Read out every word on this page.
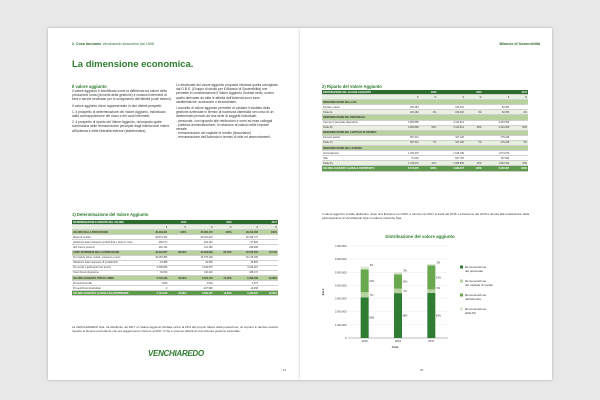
2. Cosa facciamo Vencharedo stracchino dal 1908
La dimensione economica.
Il valore aggiunto

Il valore aggiunto è identificato come la differenza tra valore della produzione lorda (proventi della gestione) e consumi intermedi di beni e servizi necessari per lo svolgimento dell'attività (costi esterni).

Il valore aggiunto viene rappresentato in due distinti prospetti:

1. il prospetto di determinazione del Valore Aggiunto, individuato dalla contrapposizione dei ricavi e dei costi intermedi;

2. il prospetto di riparto del Valore Aggiunto, ricomposto quale sommatoria delle remunerazioni percepite dagli interlocutori interni all'Azienda e delle liberalità esterne (stakeholders).

Lo strutturate del valore aggiunto proposta richiama quella consigliata dal G.B.S. (Gruppo di studio per il Bilancio di Sostenibilità) che permette in considerazione il Valore Aggiunto Globale netto, ovvero quello derivante da tutte le attività dell'Azienda sono esse caratteristiche, accessorie o straordinarie.

I concetto di valore aggiunto permette di valutare il risultato della gestione aziendale in termini di ricchezza distribuita nel corso di un determinato periodo ad una serie di soggetti individuati:

- personale, con riguardo alle retribuzioni e oneri ad esse collegati

- pubblica amministrazione, in relazione al calcolo delle imposte versate

- remunerazione del capitale di credito (finanziatori)

- remunerazione dell'Azienda in termini di utile ed ammortamenti.

1) Determinazione del Valore Aggiunto
DETERMINAZIONE E RIPARTO DEL VALORE	2015		2016		2017	
	€	%	€	%	€	%
VALORE DELLA PRODUZIONE	29.233.321	100%	25.066.170	100%	28.213.460	100%
Ricavi di vendita	28.874.164		25.331.215		26.446.772	
Variazione delle rimanenze prodotti finiti e lavori in corso	296.273		409.162		87.820	
Altri ricavi e proventi	262.114		131.159		229.489	
COSTI INTERMEDI DELLA PRODUZIONE	23.326.957	80,00%	20.228.998	80,70%	20.372.060	72,21%
Per materie prime, sussid., consumo e merci	20.283.383		16.775.148		16.718.186	
Variazione delle rimanenze di prodotti finiti	-34.388		39.654		45.853	
Per servizi e godimento beni di terzi	3.208.925		3.342.976		3.190.021	
Oneri diversi di gestione	34.813		146.220		338.174	
VALORE AGGIUNTO TIPICO LORDO	5.719.130	19,56%	5.404.179	21,55%	5.409.199	22,98%
Proventi finanziari	1.849		2.049		2.472	
Proventi/Oneri straordinari	0		-407.999		-12.998	
VALORE AGGIUNTO GLOBALE DA DISTRIBUIRE	5.721.979	19,56%	4.999.227	19,94%	5.420.097	22,99%
La VENCHIAREDO Spa, ha distribuito nel 2017 un Valore Aggiunto Globale vicino al 23% del proprio Valore della produzione, un importo in decisa crescita rispetto al biennio precedente che era leggermente inferiore al 20%. Il che è sintomo attivitä di una virtuosa gestione aziendale.
VENCHIAREDO
24
Bilancio di Sostenibilità
2) Riparto del Valore Aggiunto
DISTRIBUZIONE DEL VALORE AGGIUNTO	2015		2016		2017	
	€	%	€	%	€	%
REMUNERAZIONE DELLA PA						
Imposte e tasse	196.184		150.418		92.253	
Totale A)	196.184	3%	150.418	3%	92.253	2%
REMUNERAZIONE DEL PERSONALE						
Costi per il personale dipendente	3.083.888		3.413.913		3.423.059	
Totale B)	3.083.888	59%	3.413.913	68%	3.423.059	63%
REMUNERAZIONE DEL CAPITALE DI CREDITO						
Interessi passivi	397.313		347.125		275.198	
Totale C)	397.313	7%	347.125	7%	275.198	5%
REMUNERAZIONE DELL'AZIENDA						
Ammortamenti	1.709.478		1.615.199		1.674.670	
Utile	37.094		-527.795		157.843	
Totale D)	1.746.572	31%	1.085.898	22%	1.832.513	33%
VALORE AGGIUNTO GLOBALE DISTRIBUITO	5.721.979	100%	4.999.227	100%	5.420.097	100%
Il valore aggiunto sociale distribuito, dopo una flessione nel 2016, è tornato nel 2017 ai livelli del 2015. La flessione del 2016 è dovuta alla svalutazione della partecipazione di Venchiaredo Spa in Latterie Carsiche Spa.
Distribuzione del valore aggiunto
Euro
Anni
0
1.000.000
2.000.000
3.000.000
4.000.000
5.000.000
6.000.000
7.000.000
59%
7%
31%
3%
2015
68%
7%
22%
3%
2016
63%
5%
33%
2%
2017
Remunerazione del personale
Remunerazione del capitale di credito
Remunerazione dell'azienda
Remunerazione della PA
25
